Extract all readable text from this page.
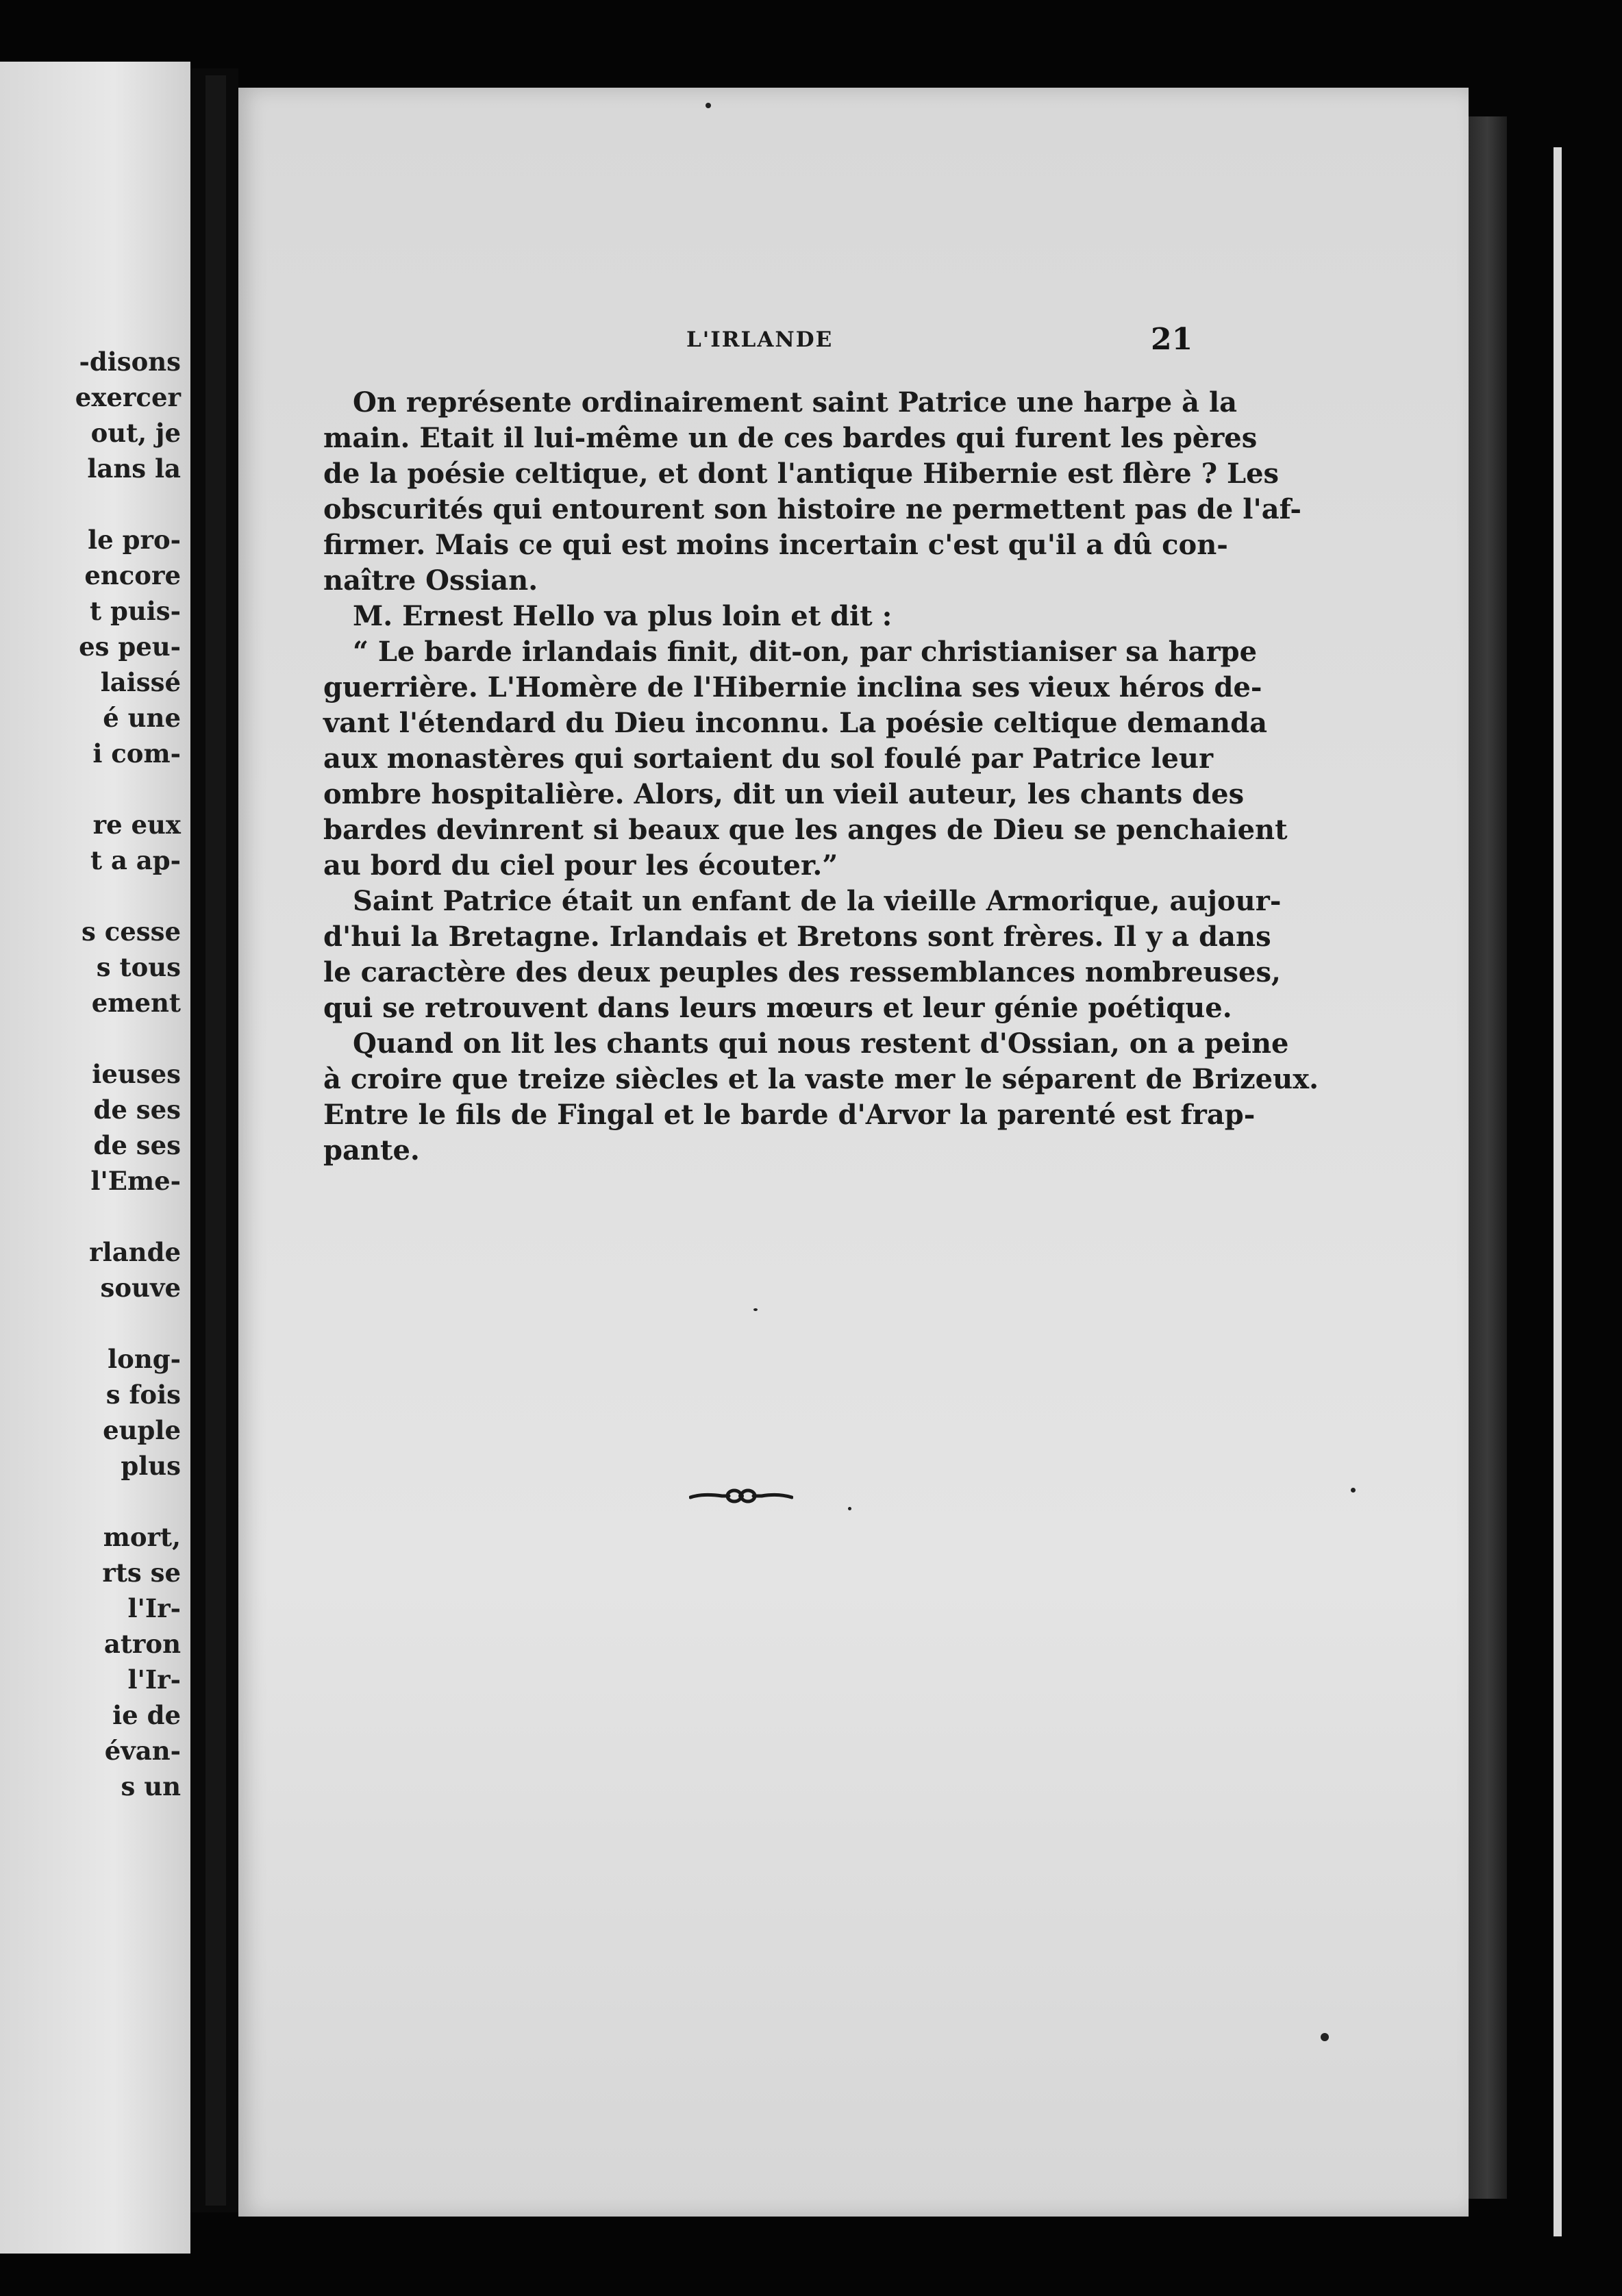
-disons
exercer
out, je
lans la
le pro-
encore
t puis-
es peu-
laissé
é une
i com-
re eux
t a ap-
s cesse
s tous
ement
ieuses
de ses
de ses
l'Eme-
rlande
souve
long-
s fois
euple
plus
mort,
rts se
l'Ir-
atron
l'Ir-
ie de
évan-
s un
L'IRLANDE	21
On représente ordinairement saint Patrice une harpe à la
main. Etait il lui-même un de ces bardes qui furent les pères
de la poésie celtique, et dont l'antique Hibernie est flère ? Les
obscurités qui entourent son histoire ne permettent pas de l'af-
firmer. Mais ce qui est moins incertain c'est qu'il a dû con-
naître Ossian.
M. Ernest Hello va plus loin et dit :
“ Le barde irlandais finit, dit-on, par christianiser sa harpe
guerrière. L'Homère de l'Hibernie inclina ses vieux héros de-
vant l'étendard du Dieu inconnu. La poésie celtique demanda
aux monastères qui sortaient du sol foulé par Patrice leur
ombre hospitalière. Alors, dit un vieil auteur, les chants des
bardes devinrent si beaux que les anges de Dieu se penchaient
au bord du ciel pour les écouter.”
Saint Patrice était un enfant de la vieille Armorique, aujour-
d'hui la Bretagne. Irlandais et Bretons sont frères. Il y a dans
le caractère des deux peuples des ressemblances nombreuses,
qui se retrouvent dans leurs mœurs et leur génie poétique.
Quand on lit les chants qui nous restent d'Ossian, on a peine
à croire que treize siècles et la vaste mer le séparent de Brizeux.
Entre le fils de Fingal et le barde d'Arvor la parenté est frap-
pante.
